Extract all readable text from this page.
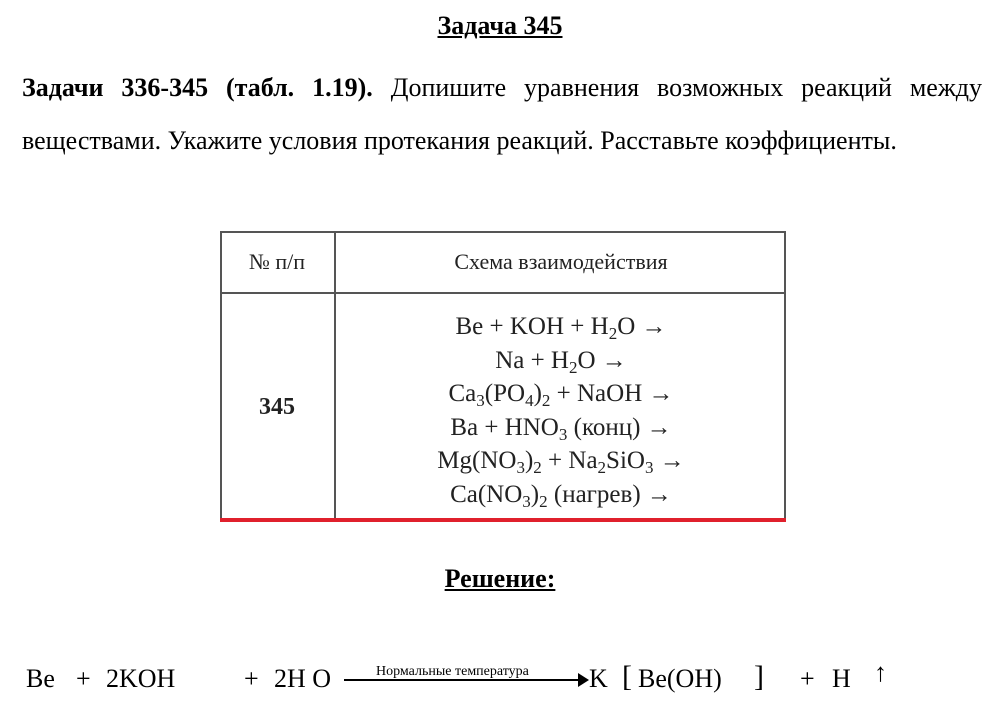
Задача 345
Задачи 336-345 (табл. 1.19). Допишите уравнения возможных реакций между веществами. Укажите условия протекания реакций. Расставьте коэффициенты.
№ п/п	Схема взаимодействия
345
Be + KOH + $H_2O$ →
$Na + H_2O$ →
$Ca_3(PO_4)_2$ + NaOH →
$Ba + HNO_3$ (конц) →
$Mg(NO_3)_2 + Na_2SiO_3$ →
$Ca(NO_3)_2$ (нагрев) →
Решение:
Be + 2KOH	+ 2H O	Нормальные температура K [ Be(OH) ] + H ↑
